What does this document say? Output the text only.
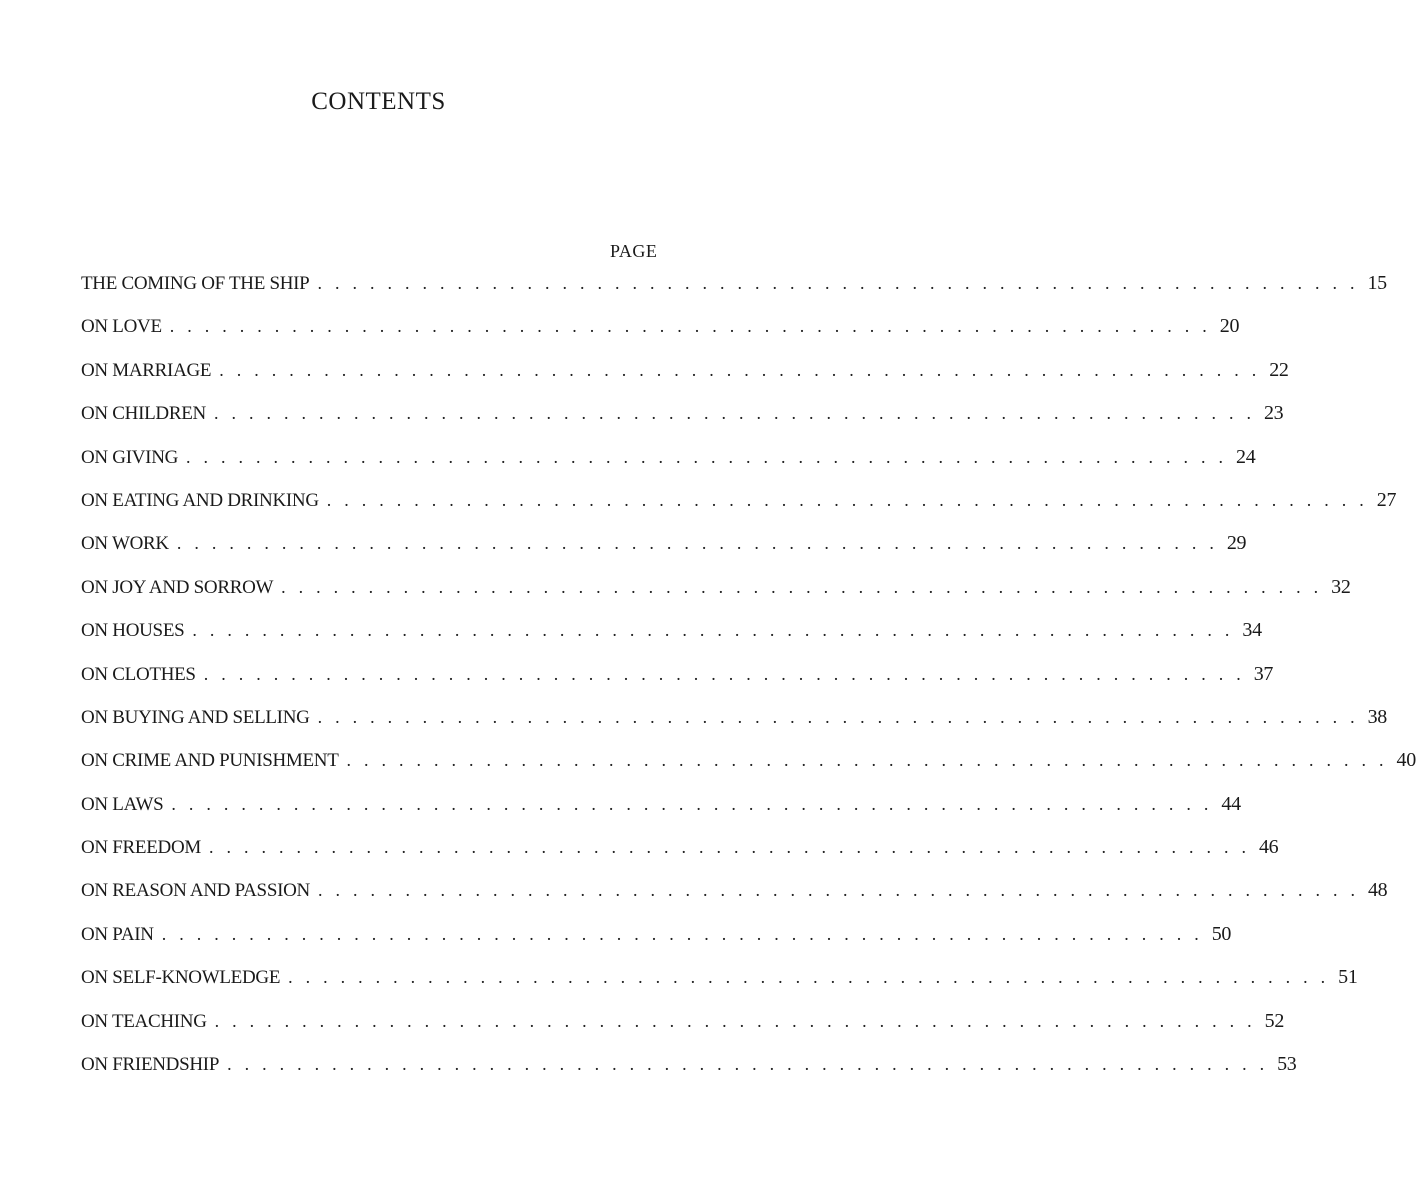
CONTENTS
PAGE
THE COMING OF THE SHIP ............................................................ 15
ON LOVE ............................................................ 20
ON MARRIAGE ............................................................ 22
ON CHILDREN ............................................................ 23
ON GIVING ............................................................ 24
ON EATING AND DRINKING ............................................................ 27
ON WORK ............................................................ 29
ON JOY AND SORROW ............................................................ 32
ON HOUSES ............................................................ 34
ON CLOTHES ............................................................ 37
ON BUYING AND SELLING ............................................................ 38
ON CRIME AND PUNISHMENT ............................................................ 40
ON LAWS ............................................................ 44
ON FREEDOM ............................................................ 46
ON REASON AND PASSION ............................................................ 48
ON PAIN ............................................................ 50
ON SELF-KNOWLEDGE ............................................................ 51
ON TEACHING ............................................................ 52
ON FRIENDSHIP ............................................................ 53
